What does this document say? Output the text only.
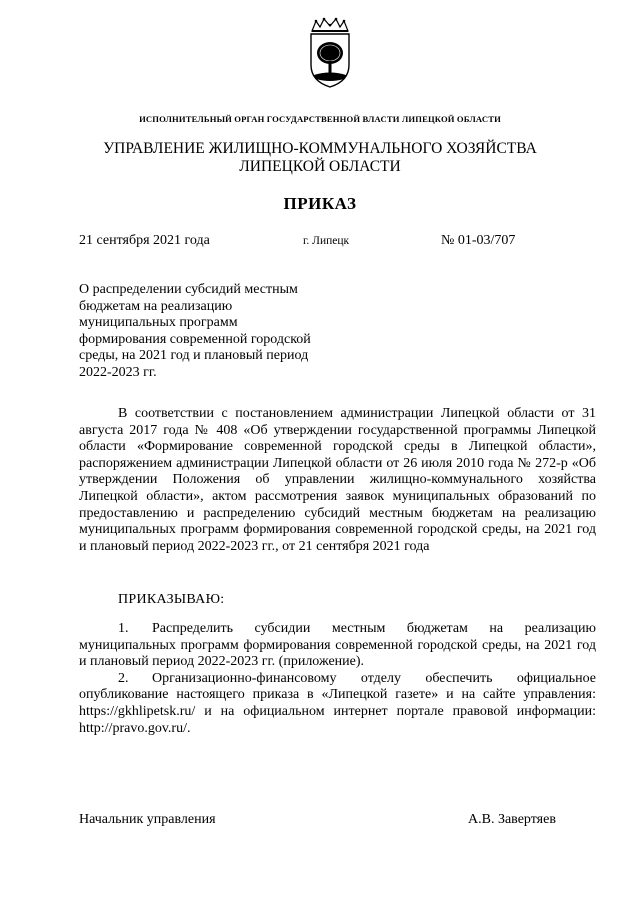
ИСПОЛНИТЕЛЬНЫЙ ОРГАН ГОСУДАРСТВЕННОЙ ВЛАСТИ ЛИПЕЦКОЙ ОБЛАСТИ
УПРАВЛЕНИЕ ЖИЛИЩНО-КОММУНАЛЬНОГО ХОЗЯЙСТВА
ЛИПЕЦКОЙ ОБЛАСТИ
ПРИКАЗ
21 сентября 2021 года	г. Липецк	№ 01-03/707
О распределении субсидий местным
бюджетам на реализацию
муниципальных программ
формирования современной городской
среды, на 2021 год и плановый период
2022-2023 гг.

В соответствии с постановлением администрации Липецкой области от 31 августа 2017 года № 408 «Об утверждении государственной программы Липецкой области «Формирование современной городской среды в Липецкой области», распоряжением администрации Липецкой области от 26 июля 2010 года № 272-р «Об утверждении Положения об управлении жилищно-коммунального хозяйства Липецкой области», актом рассмотрения заявок муниципальных образований по предоставлению и распределению субсидий местным бюджетам на реализацию муниципальных программ формирования современной городской среды, на 2021 год и плановый период 2022-2023 гг., от 21 сентября 2021 года

ПРИКАЗЫВАЮ:

1. Распределить субсидии местным бюджетам на реализацию муниципальных программ формирования современной городской среды, на 2021 год и плановый период 2022-2023 гг. (приложение).

2. Организационно-финансовому отделу обеспечить официальное опубликование настоящего приказа в «Липецкой газете» и на сайте управления: https://gkhlipetsk.ru/ и на официальном интернет портале правовой информации: http://pravo.gov.ru/.

Начальник управления	А.В. Завертяев
